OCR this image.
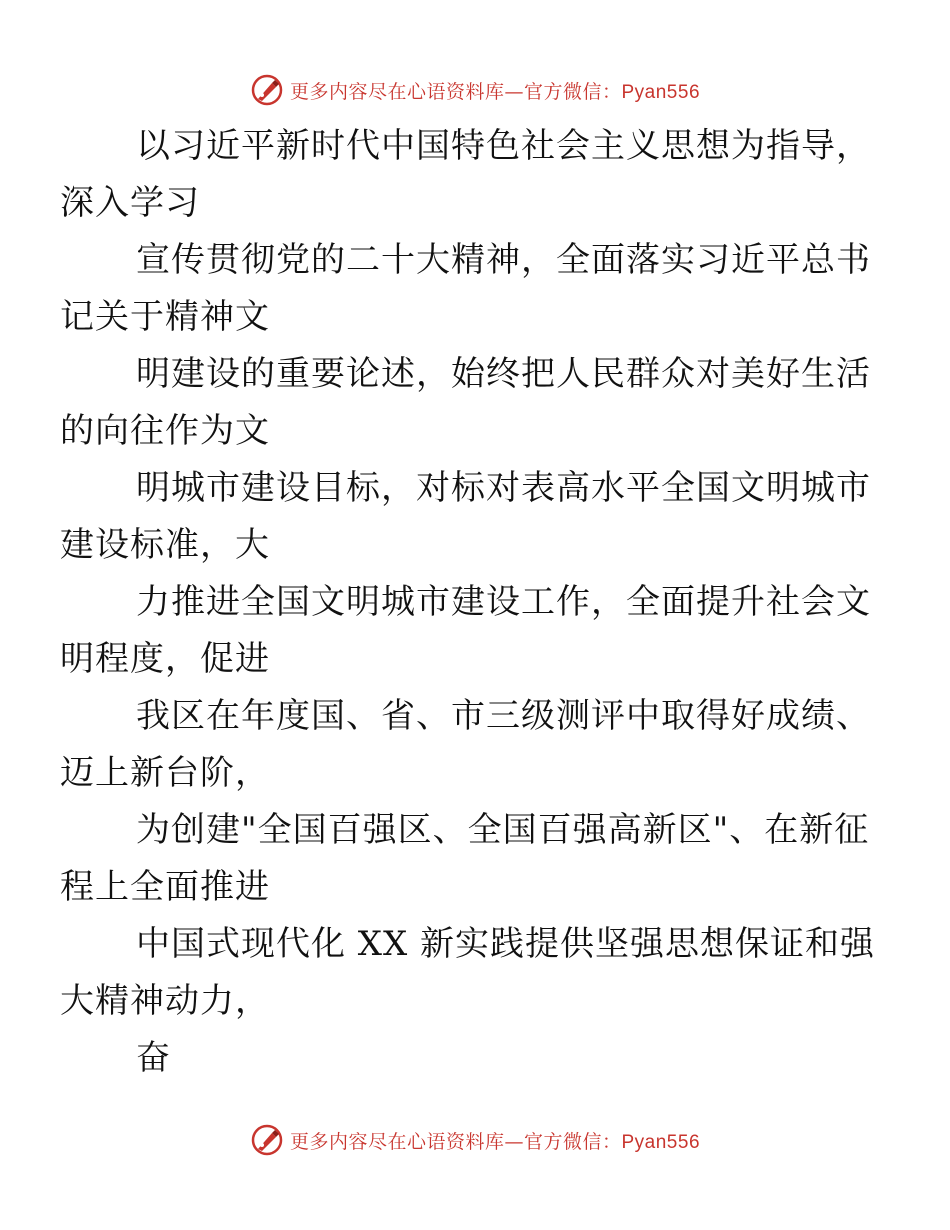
更多内容尽在心语资料库—官方微信：Pyan556

以习近平新时代中国特色社会主义思想为指导，
深入学习

宣传贯彻党的二十大精神，全面落实习近平总书
记关于精神文

明建设的重要论述，始终把人民群众对美好生活
的向往作为文

明城市建设目标，对标对表高水平全国文明城市
建设标准，大

力推进全国文明城市建设工作，全面提升社会文
明程度，促进

我区在年度国、省、市三级测评中取得好成绩、
迈上新台阶，

为创建"全国百强区、全国百强高新区"、在新征
程上全面推进

中国式现代化 XX 新实践提供坚强思想保证和强
大精神动力，

奋

更多内容尽在心语资料库—官方微信：Pyan556
